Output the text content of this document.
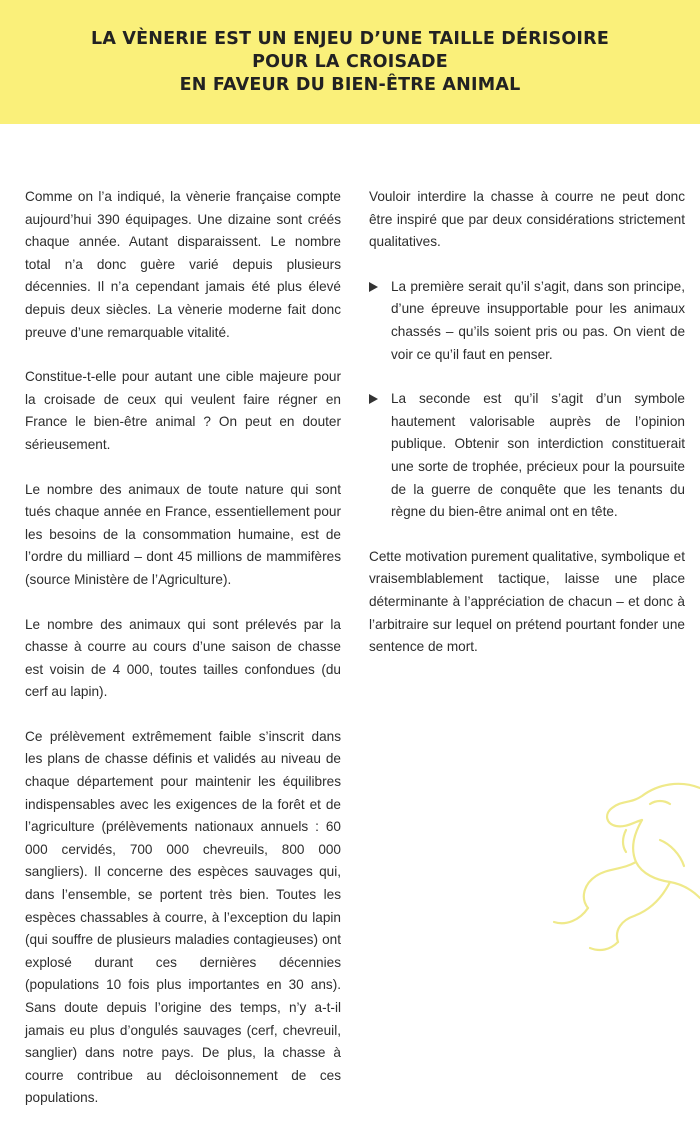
LA VÈNERIE EST UN ENJEU D’UNE TAILLE DÉRISOIRE
POUR LA CROISADE
EN FAVEUR DU BIEN-ÊTRE ANIMAL

Comme on l’a indiqué, la vènerie française compte aujourd’hui 390 équipages. Une dizaine sont créés chaque année. Autant disparaissent. Le nombre total n’a donc guère varié depuis plusieurs décennies. Il n’a cependant jamais été plus élevé depuis deux siècles. La vènerie moderne fait donc preuve d’une remarquable vitalité.

Constitue-t-elle pour autant une cible majeure pour la croisade de ceux qui veulent faire régner en France le bien-être animal ? On peut en douter sérieusement.

Le nombre des animaux de toute nature qui sont tués chaque année en France, essentiellement pour les besoins de la consommation humaine, est de l’ordre du milliard – dont 45 millions de mammifères (source Ministère de l’Agriculture).

Le nombre des animaux qui sont prélevés par la chasse à courre au cours d’une saison de chasse est voisin de 4 000, toutes tailles confondues (du cerf au lapin).

Ce prélèvement extrêmement faible s’inscrit dans les plans de chasse définis et validés au niveau de chaque département pour maintenir les équilibres indispensables avec les exigences de la forêt et de l’agriculture (prélèvements nationaux annuels : 60 000 cervidés, 700 000 chevreuils, 800 000 sangliers). Il concerne des espèces sauvages qui, dans l’ensemble, se portent très bien. Toutes les espèces chassables à courre, à l’exception du lapin (qui souffre de plusieurs maladies contagieuses) ont explosé durant ces dernières décennies (populations 10 fois plus importantes en 30 ans). Sans doute depuis l’origine des temps, n’y a-t-il jamais eu plus d’ongulés sauvages (cerf, chevreuil, sanglier) dans notre pays. De plus, la chasse à courre contribue au décloisonnement de ces populations.

Vouloir interdire la chasse à courre ne peut donc être inspiré que par deux considérations strictement qualitatives.

La première serait qu’il s’agit, dans son principe, d’une épreuve insupportable pour les animaux chassés – qu’ils soient pris ou pas. On vient de voir ce qu’il faut en penser.
La seconde est qu’il s’agit d’un symbole hautement valorisable auprès de l’opinion publique. Obtenir son interdiction constituerait une sorte de trophée, précieux pour la poursuite de la guerre de conquête que les tenants du règne du bien-être animal ont en tête.

Cette motivation purement qualitative, symbolique et vraisemblablement tactique, laisse une place déterminante à l’appréciation de chacun – et donc à l’arbitraire sur lequel on prétend pourtant fonder une sentence de mort.
